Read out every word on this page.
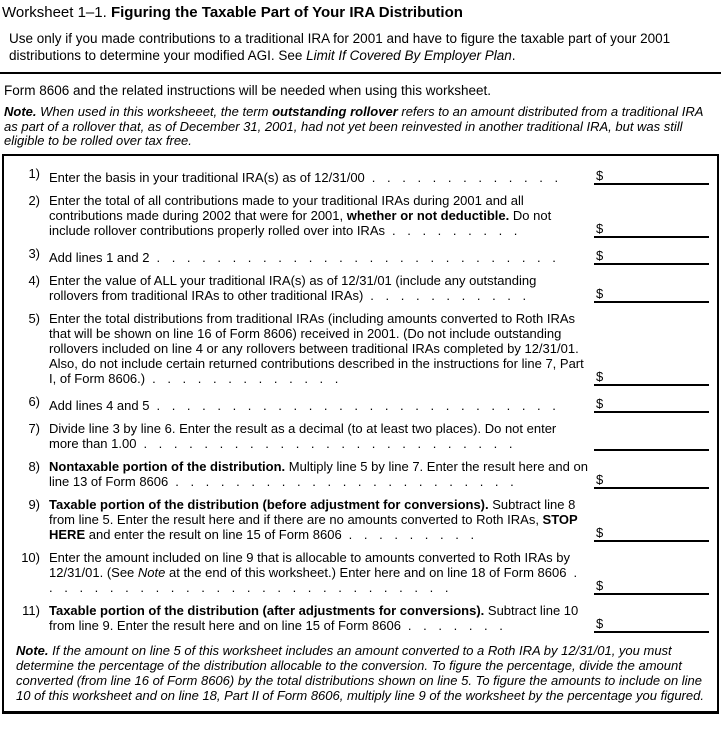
Worksheet 1–1. Figuring the Taxable Part of Your IRA Distribution

Use only if you made contributions to a traditional IRA for 2001 and have to figure the taxable part of your 2001 distributions to determine your modified AGI. See Limit If Covered By Employer Plan.

Form 8606 and the related instructions will be needed when using this worksheet.

Note. When used in this worksheeet, the term outstanding rollover refers to an amount distributed from a traditional IRA as part of a rollover that, as of December 31, 2001, had not yet been reinvested in another traditional IRA, but was still eligible to be rolled over tax free.

1) Enter the basis in your traditional IRA(s) as of 12/31/00 . . . . . . . . . . . . .	$
2) Enter the total of all contributions made to your traditional IRAs during 2001 and all contributions made during 2002 that were for 2001, whether or not deductible. Do not include rollover contributions properly rolled over into IRAs . . . . . . . . .	$
3) Add lines 1 and 2 . . . . . . . . . . . . . . . . . . . . . . . . . . .	$
4) Enter the value of ALL your traditional IRA(s) as of 12/31/01 (include any outstanding rollovers from traditional IRAs to other traditional IRAs) . . . . . . . . . . .	$
5) Enter the total distributions from traditional IRAs (including amounts converted to Roth IRAs that will be shown on line 16 of Form 8606) received in 2001. (Do not include outstanding rollovers included on line 4 or any rollovers between traditional IRAs completed by 12/31/01. Also, do not include certain returned contributions described in the instructions for line 7, Part I, of Form 8606.) . . . . . . . . . . . . .	$
6) Add lines 4 and 5 . . . . . . . . . . . . . . . . . . . . . . . . . . .	$
7) Divide line 3 by line 6. Enter the result as a decimal (to at least two places). Do not enter more than 1.00 . . . . . . . . . . . . . . . . . . . . . . . . .
8) Nontaxable portion of the distribution. Multiply line 5 by line 7. Enter the result here and on line 13 of Form 8606 . . . . . . . . . . . . . . . . . . . . . . .	$
9) Taxable portion of the distribution (before adjustment for conversions). Subtract line 8 from line 5. Enter the result here and if there are no amounts converted to Roth IRAs, STOP HERE and enter the result on line 15 of Form 8606 . . . . . . . . .	$
10) Enter the amount included on line 9 that is allocable to amounts converted to Roth IRAs by 12/31/01. (See Note at the end of this worksheet.) Enter here and on line 18 of Form 8606 . . . . . . . . . . . . . . . . . . . . . . . . . . . .	$
11) Taxable portion of the distribution (after adjustments for conversions). Subtract line 10 from line 9. Enter the result here and on line 15 of Form 8606 . . . . . . .	$

Note. If the amount on line 5 of this worksheet includes an amount converted to a Roth IRA by 12/31/01, you must determine the percentage of the distribution allocable to the conversion. To figure the percentage, divide the amount converted (from line 16 of Form 8606) by the total distributions shown on line 5. To figure the amounts to include on line 10 of this worksheet and on line 18, Part II of Form 8606, multiply line 9 of the worksheet by the percentage you figured.
